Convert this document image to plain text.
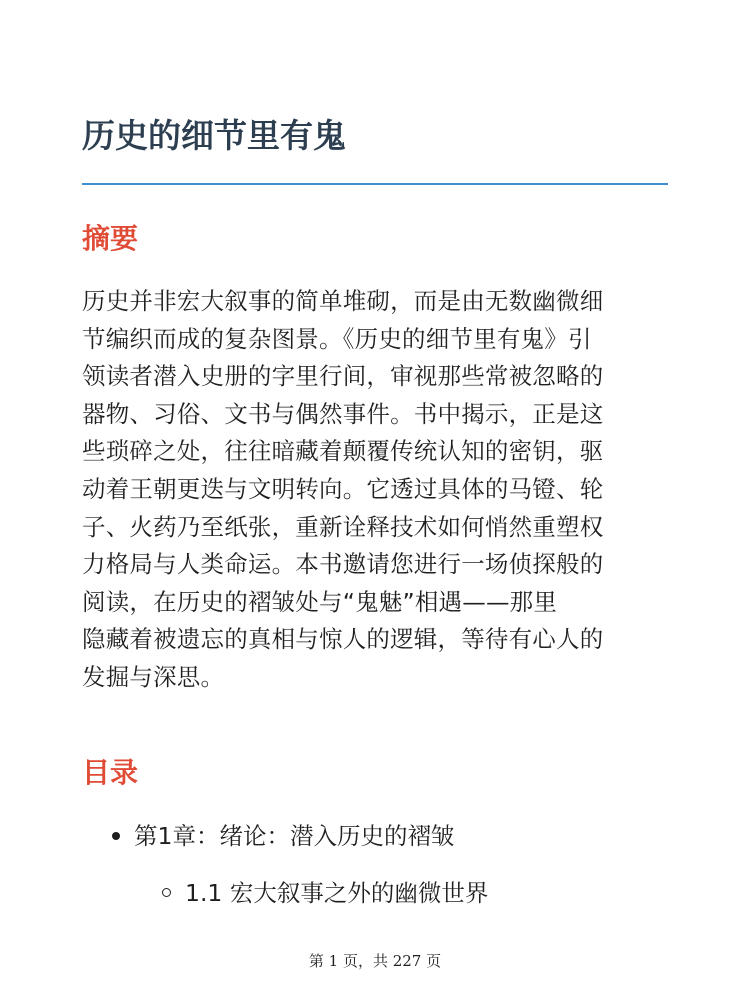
历史的细节里有鬼
摘要

历史并非宏大叙事的简单堆砌，而是由无数幽微细
节编织而成的复杂图景。《历史的细节里有鬼》引
领读者潜入史册的字里行间，审视那些常被忽略的
器物、习俗、文书与偶然事件。书中揭示，正是这
些琐碎之处，往往暗藏着颠覆传统认知的密钥，驱
动着王朝更迭与文明转向。它透过具体的马镫、轮
子、火药乃至纸张，重新诠释技术如何悄然重塑权
力格局与人类命运。本书邀请您进行一场侦探般的
阅读，在历史的褶皱处与“鬼魅”相遇——那里
隐藏着被遗忘的真相与惊人的逻辑，等待有心人的
发掘与深思。

目录
第1章：绪论：潜入历史的褶皱
1.1 宏大叙事之外的幽微世界
第 1 页，共 227 页
